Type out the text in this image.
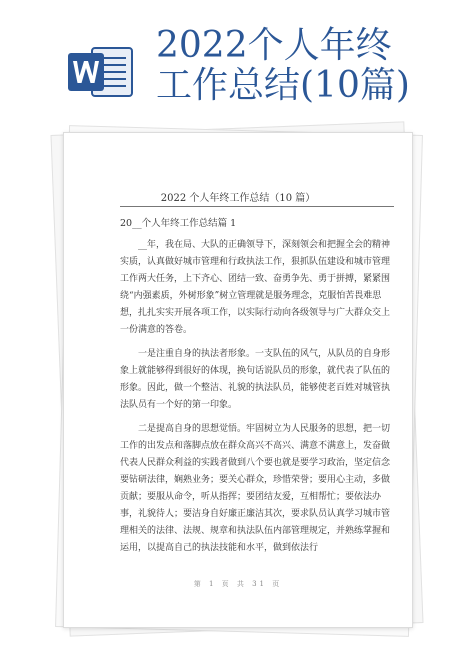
2022个人年终
工作总结(10篇)
2022 个人年终工作总结（10 篇）
20__个人年终工作总结篇 1

__年，我在局、大队的正确领导下，深刻领会和把握全会的精神实质，认真做好城市管理和行政执法工作，狠抓队伍建设和城市管理工作两大任务，上下齐心、团结一致、奋勇争先、勇于拼搏，紧紧围绕“内强素质，外树形象”树立管理就是服务理念，克服怕苦畏难思想，扎扎实实开展各项工作，以实际行动向各级领导与广大群众交上一份满意的答卷。

一是注重自身的执法者形象。一支队伍的风气，从队员的自身形象上就能够得到很好的体现，换句话说队员的形象，就代表了队伍的形象。因此，做一个整洁、礼貌的执法队员，能够使老百姓对城管执法队员有一个好的第一印象。

二是提高自身的思想觉悟。牢固树立为人民服务的思想，把一切工作的出发点和落脚点放在群众高兴不高兴、满意不满意上，发奋做代表人民群众利益的实践者做到八个要也就是要学习政治，坚定信念要钻研法律，娴熟业务；要关心群众，珍惜荣誉；要用心主动，多做贡献；要服从命令，听从指挥；要团结友爱，互相帮忙；要依法办事，礼貌待人；要洁身自好廉正廉洁其次，要求队员认真学习城市管理相关的法律、法规、规章和执法队伍内部管理规定，并熟练掌握和运用，以提高自己的执法技能和水平，做到依法行

第 1 页 共 31 页
